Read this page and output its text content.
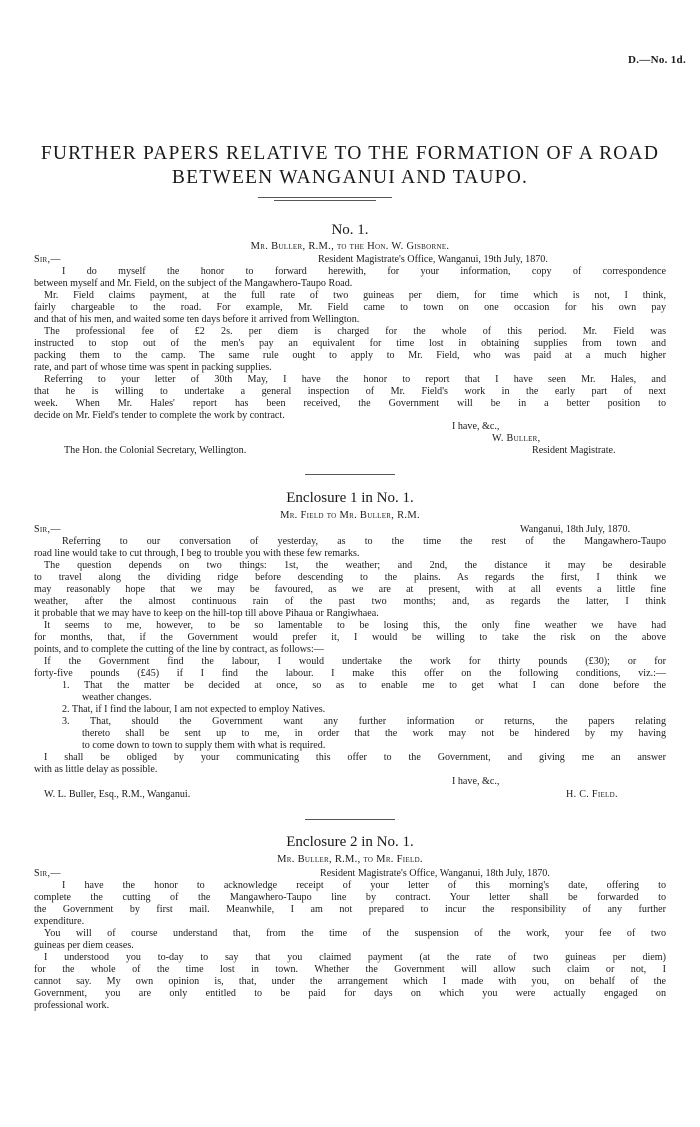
D.—No. 1d.
FURTHER PAPERS RELATIVE TO THE FORMATION OF A ROAD
BETWEEN WANGANUI AND TAUPO.
No. 1.
Mr. Buller, R.M., to the Hon. W. Gisborne.
Sir,—	Resident Magistrate's Office, Wanganui, 19th July, 1870.
I do myself the honor to forward herewith, for your information, copy of correspondence
between myself and Mr. Field, on the subject of the Mangawhero-Taupo Road.
Mr. Field claims payment, at the full rate of two guineas per diem, for time which is not, I think,
fairly chargeable to the road. For example, Mr. Field came to town on one occasion for his own pay
and that of his men, and waited some ten days before it arrived from Wellington.
The professional fee of £2 2s. per diem is charged for the whole of this period. Mr. Field was
instructed to stop out of the men's pay an equivalent for time lost in obtaining supplies from town and
packing them to the camp. The same rule ought to apply to Mr. Field, who was paid at a much higher
rate, and part of whose time was spent in packing supplies.
Referring to your letter of 30th May, I have the honor to report that I have seen Mr. Hales, and
that he is willing to undertake a general inspection of Mr. Field's work in the early part of next
week. When Mr. Hales' report has been received, the Government will be in a better position to
decide on Mr. Field's tender to complete the work by contract.
I have, &c.,
W. Buller,
The Hon. the Colonial Secretary, Wellington.	Resident Magistrate.
Enclosure 1 in No. 1.
Mr. Field to Mr. Buller, R.M.
Sir,—	Wanganui, 18th July, 1870.
Referring to our conversation of yesterday, as to the time the rest of the Mangawhero-Taupo
road line would take to cut through, I beg to trouble you with these few remarks.
The question depends on two things: 1st, the weather; and 2nd, the distance it may be desirable
to travel along the dividing ridge before descending to the plains. As regards the first, I think we
may reasonably hope that we may be favoured, as we are at present, with at all events a little fine
weather, after the almost continuous rain of the past two months; and, as regards the latter, I think
it probable that we may have to keep on the hill-top till above Pihaua or Rangiwhaea.
It seems to me, however, to be so lamentable to be losing this, the only fine weather we have had
for months, that, if the Government would prefer it, I would be willing to take the risk on the above
points, and to complete the cutting of the line by contract, as follows:—
If the Government find the labour, I would undertake the work for thirty pounds (£30); or for
forty-five pounds (£45) if I find the labour. I make this offer on the following conditions, viz.:—
1. That the matter be decided at once, so as to enable me to get what I can done before the
weather changes.
2. That, if I find the labour, I am not expected to employ Natives.
3. That, should the Government want any further information or returns, the papers relating
thereto shall be sent up to me, in order that the work may not be hindered by my having
to come down to town to supply them with what is required.
I shall be obliged by your communicating this offer to the Government, and giving me an answer
with as little delay as possible.
I have, &c.,
W. L. Buller, Esq., R.M., Wanganui.	H. C. Field.
Enclosure 2 in No. 1.
Mr. Buller, R.M., to Mr. Field.
Sir,—	Resident Magistrate's Office, Wanganui, 18th July, 1870.
I have the honor to acknowledge receipt of your letter of this morning's date, offering to
complete the cutting of the Mangawhero-Taupo line by contract. Your letter shall be forwarded to
the Government by first mail. Meanwhile, I am not prepared to incur the responsibility of any further
expenditure.
You will of course understand that, from the time of the suspension of the work, your fee of two
guineas per diem ceases.
I understood you to-day to say that you claimed payment (at the rate of two guineas per diem)
for the whole of the time lost in town. Whether the Government will allow such claim or not, I
cannot say. My own opinion is, that, under the arrangement which I made with you, on behalf of the
Government, you are only entitled to be paid for days on which you were actually engaged on
professional work.
